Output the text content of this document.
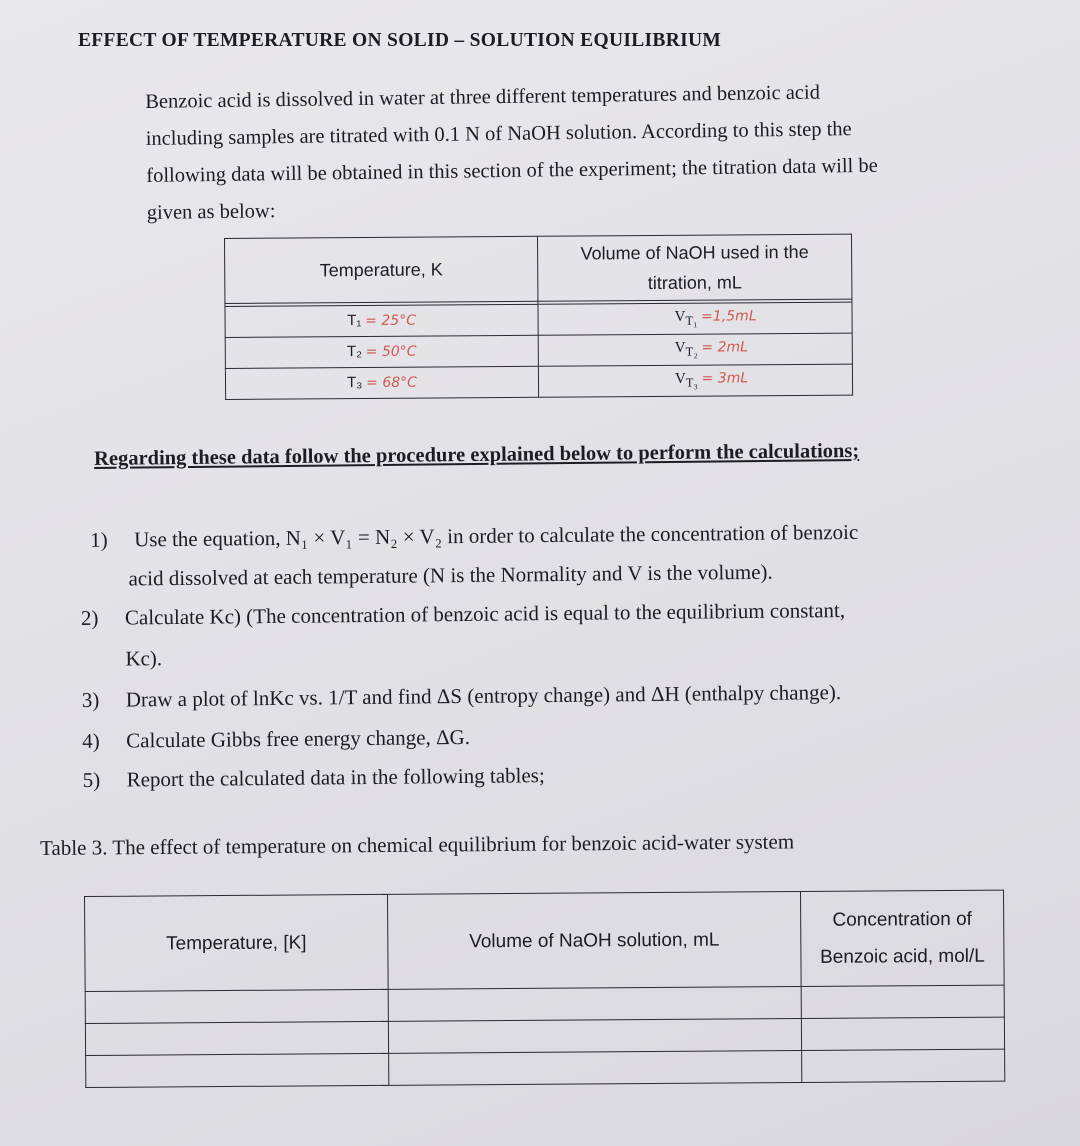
EFFECT OF TEMPERATURE ON SOLID – SOLUTION EQUILIBRIUM
Benzoic acid is dissolved in water at three different temperatures and benzoic acid
including samples are titrated with 0.1 N of NaOH solution. According to this step the
following data will be obtained in this section of the experiment; the titration data will be
given as below:
Temperature, K	Volume of NaOH used in the titration, mL

T₁ = 25°C	$V_{T_1} =1,5mL$
T₂ = 50°C	$V_{T_2} = 2mL$
T₃ = 68°C	$V_{T_3} = 3mL$
Regarding these data follow the procedure explained below to perform the calculations;
1) Use the equation, N₁ × V₁ = N₂ × V₂ in order to calculate the concentration of benzoic
acid dissolved at each temperature (N is the Normality and V is the volume).
2) Calculate Kc) (The concentration of benzoic acid is equal to the equilibrium constant,
Kc).
3) Draw a plot of lnKc vs. 1/T and find ΔS (entropy change) and ΔH (enthalpy change).
4) Calculate Gibbs free energy change, ΔG.
5) Report the calculated data in the following tables;
Table 3. The effect of temperature on chemical equilibrium for benzoic acid-water system
Temperature, [K]	Volume of NaOH solution, mL	Concentration of Benzoic acid, mol/L
